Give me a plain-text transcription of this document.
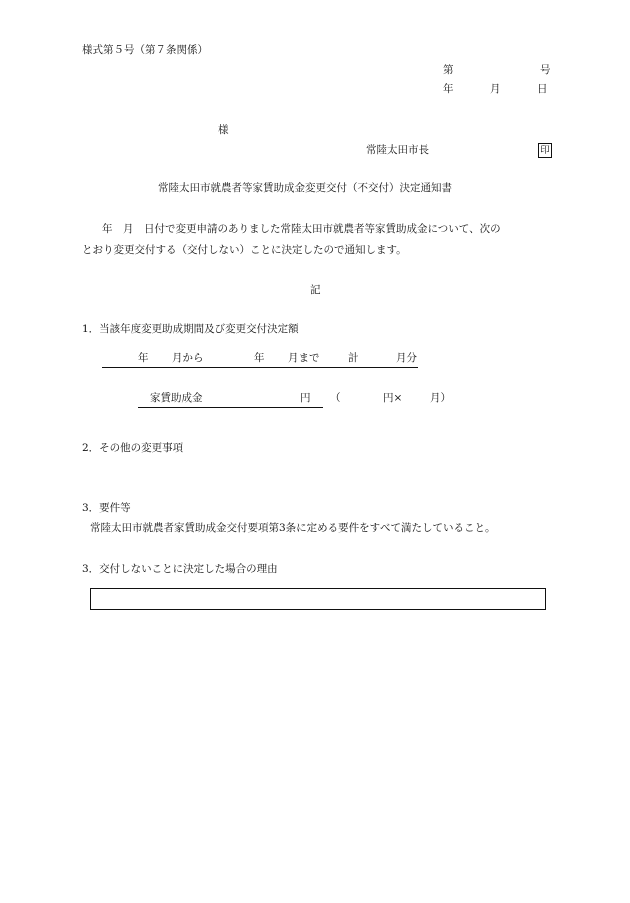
様式第５号（第７条関係）
第	号
年	月	日
様
常陸太田市長	印
常陸太田市就農者等家賃助成金変更交付（不交付）決定通知書
年　月　日付で変更申請のありました常陸太田市就農者等家賃助成金について、次の
とおり変更交付する（交付しない）ことに決定したので通知します。
記
1．当該年度変更助成期間及び変更交付決定額
年 月から	年 月まで	計	月分
家賃助成金	円 （	円×	月）
2．その他の変更事項
3．要件等
常陸太田市就農者家賃助成金交付要項第3条に定める要件をすべて満たしていること。
3．交付しないことに決定した場合の理由
